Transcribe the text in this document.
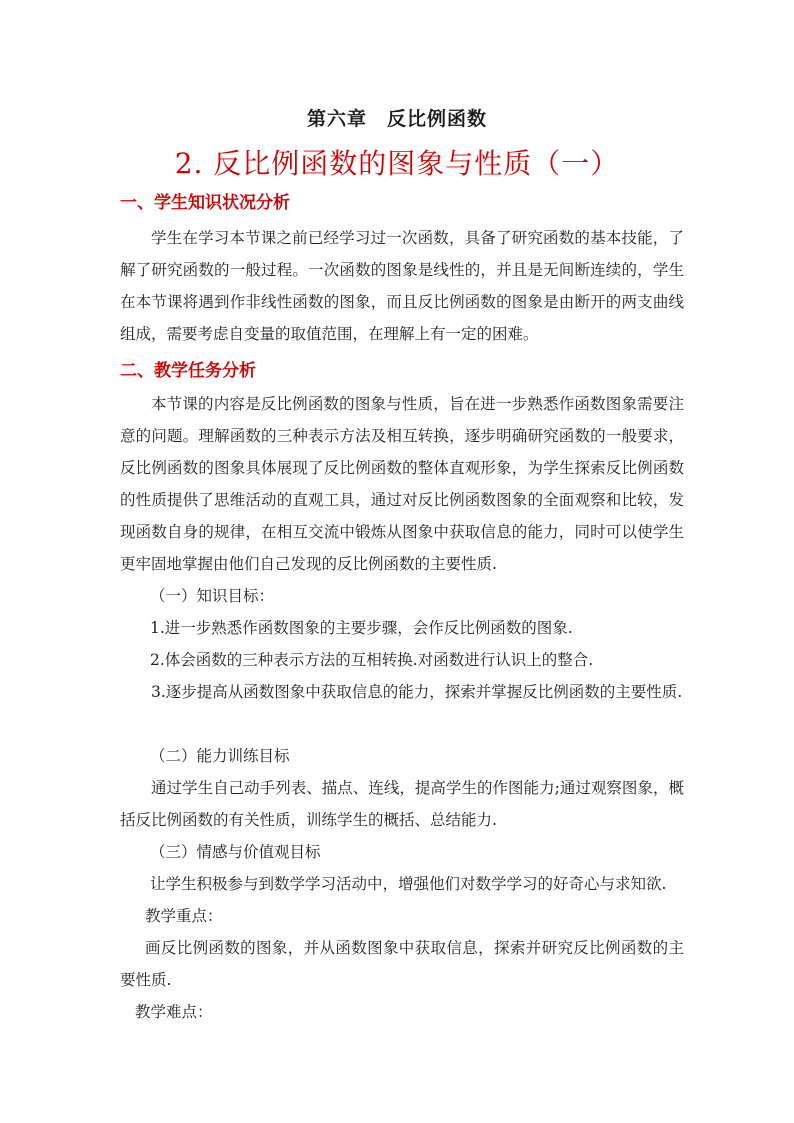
第六章　反比例函数
2. 反比例函数的图象与性质（一）
一、学生知识状况分析
学生在学习本节课之前已经学习过一次函数，具备了研究函数的基本技能，了解了研究函数的一般过程。一次函数的图象是线性的，并且是无间断连续的，学生在本节课将遇到作非线性函数的图象，而且反比例函数的图象是由断开的两支曲线组成，需要考虑自变量的取值范围，在理解上有一定的困难。
二、教学任务分析
本节课的内容是反比例函数的图象与性质，旨在进一步熟悉作函数图象需要注意的问题。理解函数的三种表示方法及相互转换，逐步明确研究函数的一般要求，反比例函数的图象具体展现了反比例函数的整体直观形象，为学生探索反比例函数的性质提供了思维活动的直观工具，通过对反比例函数图象的全面观察和比较，发现函数自身的规律，在相互交流中锻炼从图象中获取信息的能力，同时可以使学生更牢固地掌握由他们自己发现的反比例函数的主要性质.
（一）知识目标：
1.进一步熟悉作函数图象的主要步骤，会作反比例函数的图象.
2.体会函数的三种表示方法的互相转换.对函数进行认识上的整合.
3.逐步提高从函数图象中获取信息的能力，探索并掌握反比例函数的主要性质.
（二）能力训练目标
通过学生自己动手列表、描点、连线，提高学生的作图能力;通过观察图象，概括反比例函数的有关性质，训练学生的概括、总结能力.
（三）情感与价值观目标
让学生积极参与到数学学习活动中，增强他们对数学学习的好奇心与求知欲.
教学重点：
画反比例函数的图象，并从函数图象中获取信息，探索并研究反比例函数的主要性质.
教学难点：
